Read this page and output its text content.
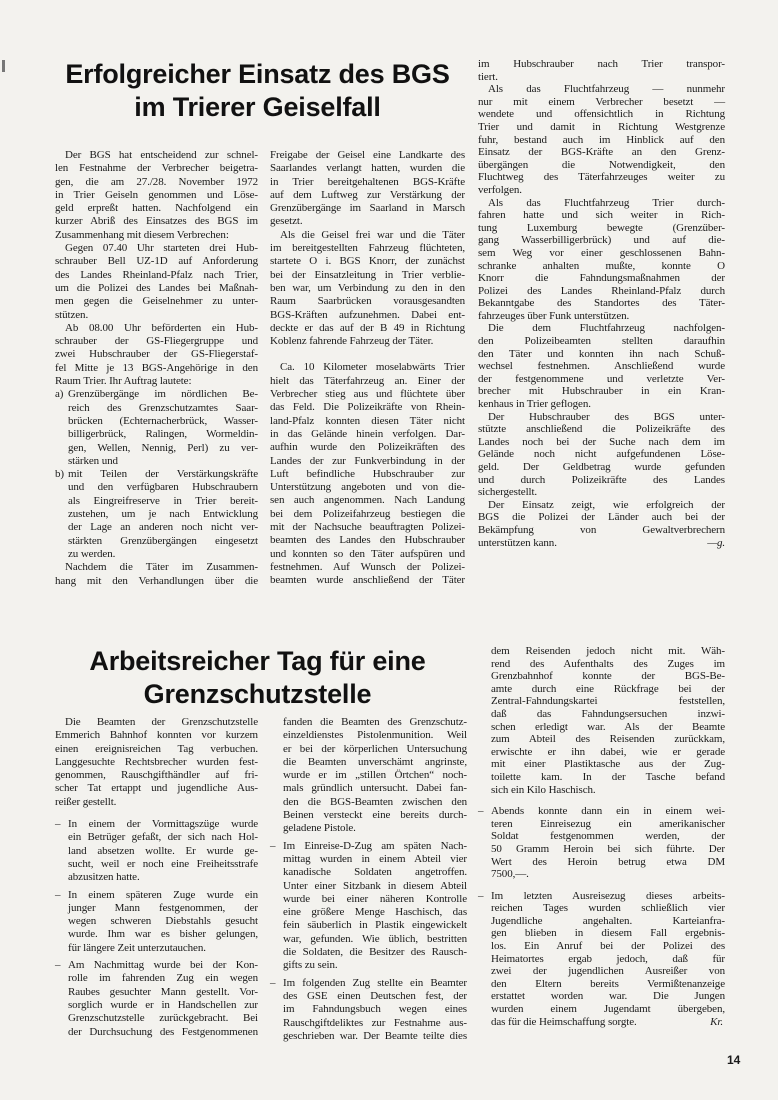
Erfolgreicher Einsatz des BGS
im Trierer Geiselfall
Der BGS hat entscheidend zur schnel-
len Festnahme der Verbrecher beigetra-
gen, die am 27./28. November 1972
in Trier Geiseln genommen und Löse-
geld erpreßt hatten. Nachfolgend ein
kurzer Abriß des Einsatzes des BGS im
Zusammenhang mit diesem Verbrechen:
Gegen 07.40 Uhr starteten drei Hub-
schrauber Bell UZ-1D auf Anforderung
des Landes Rheinland-Pfalz nach Trier,
um die Polizei des Landes bei Maßnah-
men gegen die Geiselnehmer zu unter-
stützen.
Ab 08.00 Uhr beförderten ein Hub-
schrauber der GS-Fliegergruppe und
zwei Hubschrauber der GS-Fliegerstaf-
fel Mitte je 13 BGS-Angehörige in den
Raum Trier. Ihr Auftrag lautete:
a) Grenzübergänge im nördlichen Be-
reich des Grenzschutzamtes Saar-
brücken (Echternacherbrück, Wasser-
billigerbrück, Ralingen, Wormeldin-
gen, Wellen, Nennig, Perl) zu ver-
stärken und
b) mit Teilen der Verstärkungskräfte
und den verfügbaren Hubschraubern
als Eingreifreserve in Trier bereit-
zustehen, um je nach Entwicklung
der Lage an anderen noch nicht ver-
stärkten Grenzübergängen eingesetzt
zu werden.
Nachdem die Täter im Zusammen-
hang mit den Verhandlungen über die
Freigabe der Geisel eine Landkarte des
Saarlandes verlangt hatten, wurden die
in Trier bereitgehaltenen BGS-Kräfte
auf dem Luftweg zur Verstärkung der
Grenzübergänge im Saarland in Marsch
gesetzt.
Als die Geisel frei war und die Täter
im bereitgestellten Fahrzeug flüchteten,
startete O i. BGS Knorr, der zunächst
bei der Einsatzleitung in Trier verblie-
ben war, um Verbindung zu den in den
Raum Saarbrücken vorausgesandten
BGS-Kräften aufzunehmen. Dabei ent-
deckte er das auf der B 49 in Richtung
Koblenz fahrende Fahrzeug der Täter.
Ca. 10 Kilometer moselabwärts Trier
hielt das Täterfahrzeug an. Einer der
Verbrecher stieg aus und flüchtete über
das Feld. Die Polizeikräfte von Rhein-
land-Pfalz konnten diesen Täter nicht
in das Gelände hinein verfolgen. Dar-
aufhin wurde den Polizeikräften des
Landes der zur Funkverbindung in der
Luft befindliche Hubschrauber zur
Unterstützung angeboten und von die-
sen auch angenommen. Nach Landung
bei dem Polizeifahrzeug bestiegen die
mit der Nachsuche beauftragten Polizei-
beamten des Landes den Hubschrauber
und konnten so den Täter aufspüren und
festnehmen. Auf Wunsch der Polizei-
beamten wurde anschließend der Täter
im Hubschrauber nach Trier transpor-
tiert.
Als das Fluchtfahrzeug — nunmehr
nur mit einem Verbrecher besetzt —
wendete und offensichtlich in Richtung
Trier und damit in Richtung Westgrenze
fuhr, bestand auch im Hinblick auf den
Einsatz der BGS-Kräfte an den Grenz-
übergängen die Notwendigkeit, den
Fluchtweg des Täterfahrzeuges weiter zu
verfolgen.
Als das Fluchtfahrzeug Trier durch-
fahren hatte und sich weiter in Rich-
tung Luxemburg bewegte (Grenzüber-
gang Wasserbilligerbrück) und auf die-
sem Weg vor einer geschlossenen Bahn-
schranke anhalten mußte, konnte O
Knorr die Fahndungsmaßnahmen der
Polizei des Landes Rheinland-Pfalz durch
Bekanntgabe des Standortes des Täter-
fahrzeuges über Funk unterstützen.
Die dem Fluchtfahrzeug nachfolgen-
den Polizeibeamten stellten daraufhin
den Täter und konnten ihn nach Schuß-
wechsel festnehmen. Anschließend wurde
der festgenommene und verletzte Ver-
brecher mit Hubschrauber in ein Kran-
kenhaus in Trier geflogen.
Der Hubschrauber des BGS unter-
stützte anschließend die Polizeikräfte des
Landes noch bei der Suche nach dem im
Gelände noch nicht aufgefundenen Löse-
geld. Der Geldbetrag wurde gefunden
und durch Polizeikräfte des Landes
sichergestellt.
Der Einsatz zeigt, wie erfolgreich der
BGS die Polizei der Länder auch bei der
Bekämpfung von Gewaltverbrechern
unterstützen kann.	—g.
Arbeitsreicher Tag für eine
Grenzschutzstelle
Die Beamten der Grenzschutzstelle
Emmerich Bahnhof konnten vor kurzem
einen ereignisreichen Tag verbuchen.
Langgesuchte Rechtsbrecher wurden fest-
genommen, Rauschgifthändler auf fri-
scher Tat ertappt und jugendliche Aus-
reißer gestellt.
– In einem der Vormittagszüge wurde
ein Betrüger gefaßt, der sich nach Hol-
land absetzen wollte. Er wurde ge-
sucht, weil er noch eine Freiheitsstrafe
abzusitzen hatte.
– In einem späteren Zuge wurde ein
junger Mann festgenommen, der
wegen schweren Diebstahls gesucht
wurde. Ihm war es bisher gelungen,
für längere Zeit unterzutauchen.
– Am Nachmittag wurde bei der Kon-
rolle im fahrenden Zug ein wegen
Raubes gesuchter Mann gestellt. Vor-
sorglich wurde er in Handschellen zur
Grenzschutzstelle zurückgebracht. Bei
der Durchsuchung des Festgenommenen
fanden die Beamten des Grenzschutz-
einzeldienstes Pistolenmunition. Weil
er bei der körperlichen Untersuchung
die Beamten unverschämt angrinste,
wurde er im „stillen Örtchen“ noch-
mals gründlich untersucht. Dabei fan-
den die BGS-Beamten zwischen den
Beinen versteckt eine bereits durch-
geladene Pistole.
– Im Einreise-D-Zug am späten Nach-
mittag wurden in einem Abteil vier
kanadische Soldaten angetroffen.
Unter einer Sitzbank in diesem Abteil
wurde bei einer näheren Kontrolle
eine größere Menge Haschisch, das
fein säuberlich in Plastik eingewickelt
war, gefunden. Wie üblich, bestritten
die Soldaten, die Besitzer des Rausch-
gifts zu sein.
– Im folgenden Zug stellte ein Beamter
des GSE einen Deutschen fest, der
im Fahndungsbuch wegen eines
Rauschgiftdeliktes zur Festnahme aus-
geschrieben war. Der Beamte teilte dies
dem Reisenden jedoch nicht mit. Wäh-
rend des Aufenthalts des Zuges im
Grenzbahnhof konnte der BGS-Be-
amte durch eine Rückfrage bei der
Zentral-Fahndungskartei feststellen,
daß das Fahndungsersuchen inzwi-
schen erledigt war. Als der Beamte
zum Abteil des Reisenden zurückkam,
erwischte er ihn dabei, wie er gerade
mit einer Plastiktasche aus der Zug-
toilette kam. In der Tasche befand
sich ein Kilo Haschisch.
– Abends konnte dann ein in einem wei-
teren Einreisezug ein amerikanischer
Soldat festgenommen werden, der
50 Gramm Heroin bei sich führte. Der
Wert des Heroin betrug etwa DM
7500,—.
– Im letzten Ausreisezug dieses arbeits-
reichen Tages wurden schließlich vier
Jugendliche angehalten. Karteianfra-
gen blieben in diesem Fall ergebnis-
los. Ein Anruf bei der Polizei des
Heimatortes ergab jedoch, daß für
zwei der jugendlichen Ausreißer von
den Eltern bereits Vermißtenanzeige
erstattet worden war. Die Jungen
wurden einem Jugendamt übergeben,
das für die Heimschaffung sorgte.	Kr.
14
